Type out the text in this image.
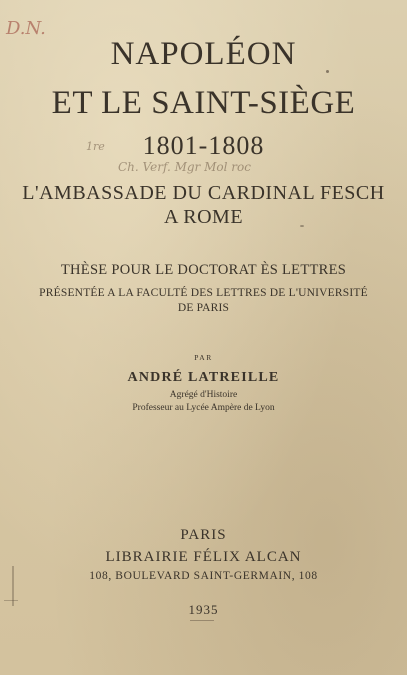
D.N.
NAPOLÉON
ET LE SAINT-SIÈGE
1re	1801-1808
Ch. Verf. Mgr Mol roc
L'AMBASSADE DU CARDINAL FESCH
A ROME
THÈSE POUR LE DOCTORAT ÈS LETTRES
PRÉSENTÉE A LA FACULTÉ DES LETTRES DE L'UNIVERSITÉ
DE PARIS
PAR
ANDRÉ LATREILLE
Agrégé d'Histoire
Professeur au Lycée Ampère de Lyon
PARIS
LIBRAIRIE FÉLIX ALCAN
108, BOULEVARD SAINT-GERMAIN, 108
1935
